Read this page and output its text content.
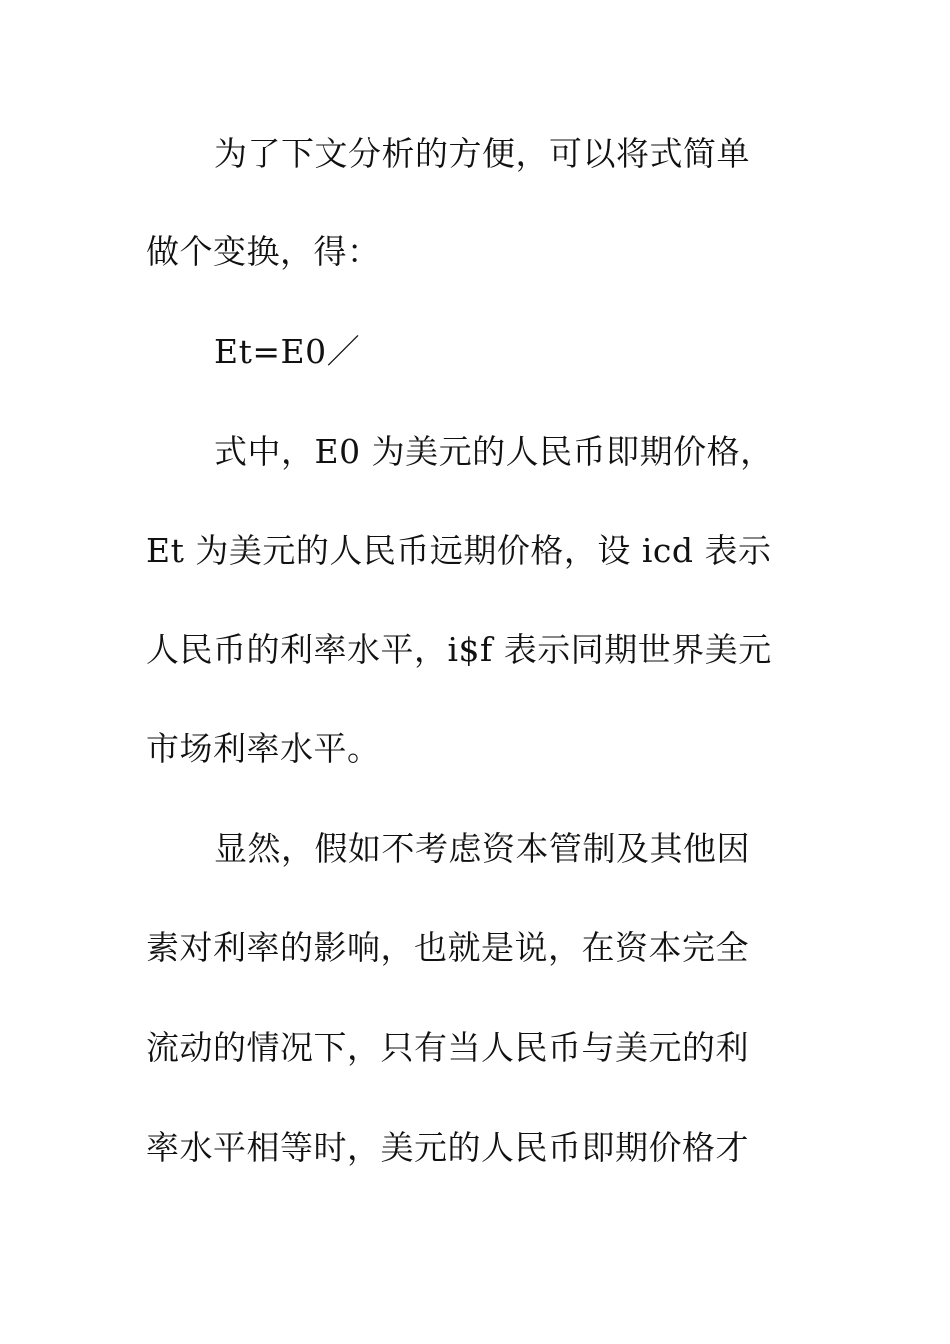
为了下文分析的方便，可以将式简单
做个变换，得：
Et=E0／
式中，E0 为美元的人民币即期价格，
Et 为美元的人民币远期价格，设 icd 表示
人民币的利率水平，i$f 表示同期世界美元
市场利率水平。
显然，假如不考虑资本管制及其他因
素对利率的影响，也就是说，在资本完全
流动的情况下，只有当人民币与美元的利
率水平相等时，美元的人民币即期价格才
